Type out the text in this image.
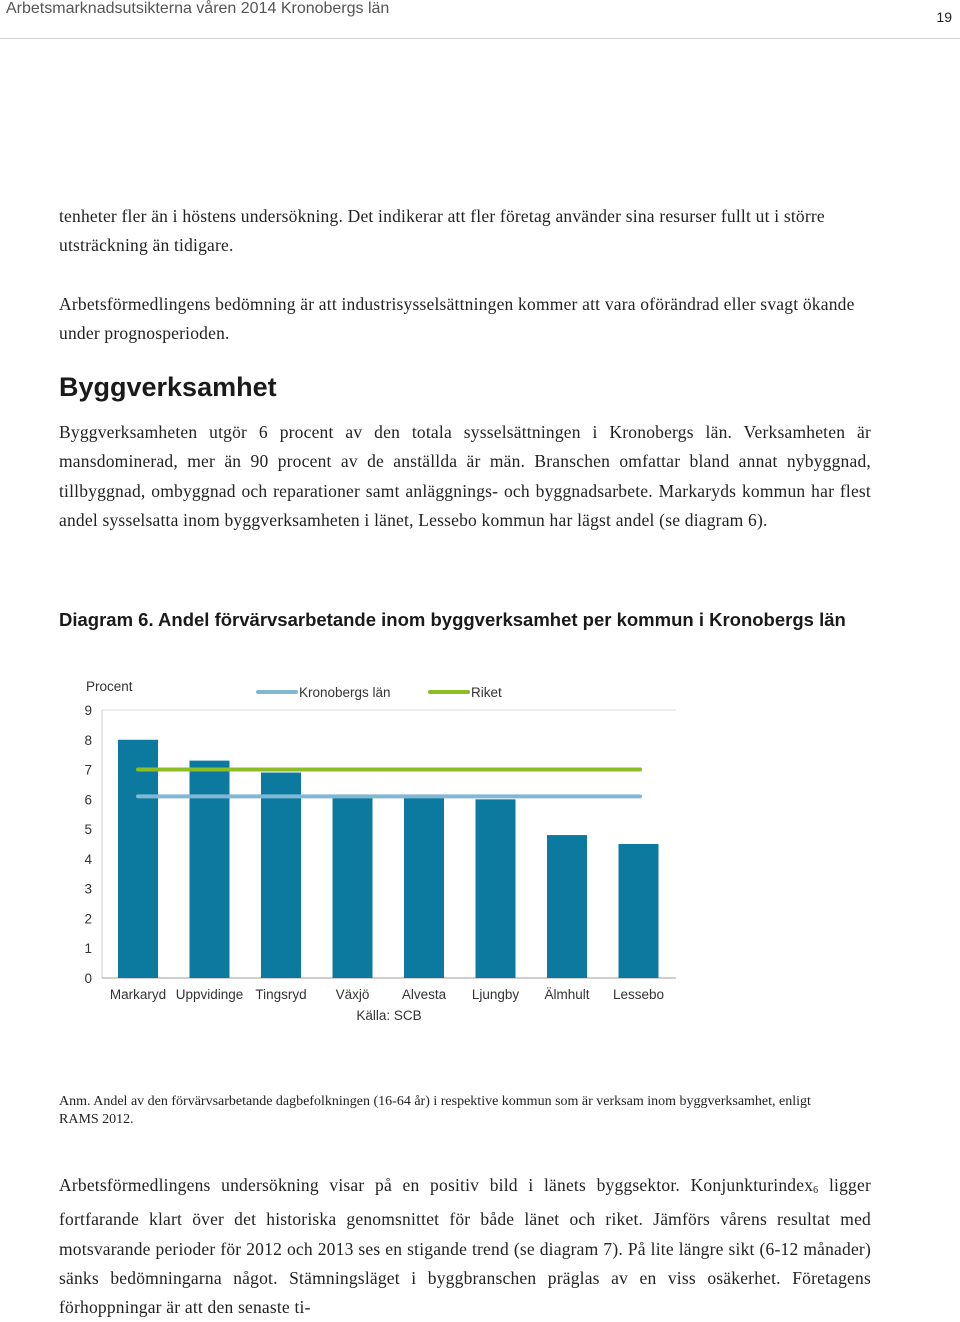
Arbetsmarknadsutsikterna våren 2014 Kronobergs län	19

tenheter fler än i höstens undersökning. Det indikerar att fler företag använder sina resurser fullt ut i större utsträckning än tidigare.

Arbetsförmedlingens bedömning är att industrisysselsättningen kommer att vara oförändrad eller svagt ökande under prognosperioden.

Byggverksamhet

Byggverksamheten utgör 6 procent av den totala sysselsättningen i Kronobergs län. Verksamheten är mansdominerad, mer än 90 procent av de anställda är män. Branschen omfattar bland annat nybyggnad, tillbyggnad, ombyggnad och reparationer samt anläggnings- och byggnadsarbete. Markaryds kommun har flest andel sysselsatta inom byggverksamheten i länet, Lessebo kommun har lägst andel (se diagram 6).

Diagram 6. Andel förvärvsarbetande inom byggverksamhet per kommun i Kronobergs län
Procent
0
1
2
3
4
5
6
7
8
9
Markaryd Uppvidinge Tingsryd Växjö Alvesta Ljungby Älmhult Lessebo
Kronobergs län	Riket
Källa: SCB

Anm. Andel av den förvärvsarbetande dagbefolkningen (16-64 år) i respektive kommun som är verksam inom byggverksamhet, enligt RAMS 2012.

Arbetsförmedlingens undersökning visar på en positiv bild i länets byggsektor. Konjunkturindex$_6$ ligger fortfarande klart över det historiska genomsnittet för både länet och riket. Jämförs vårens resultat med motsvarande perioder för 2012 och 2013 ses en stigande trend (se diagram 7). På lite längre sikt (6-12 månader) sänks bedömningarna något. Stämningsläget i byggbranschen präglas av en viss osäkerhet. Företagens förhoppningar är att den senaste ti-
